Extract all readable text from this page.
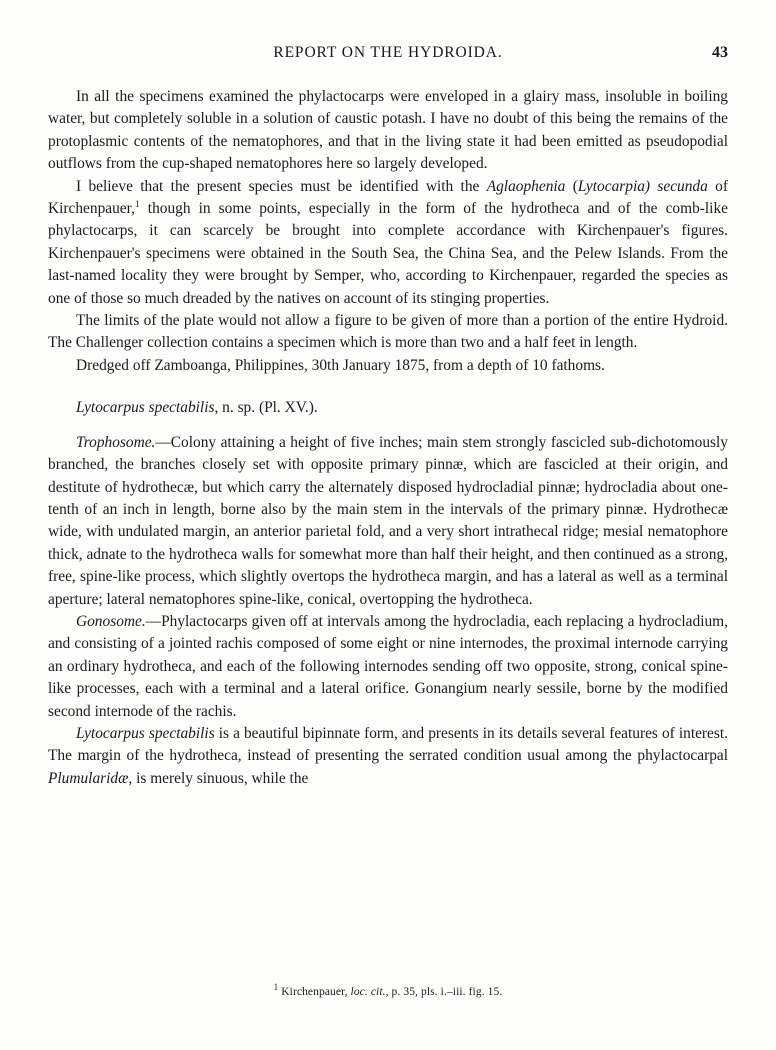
REPORT ON THE HYDROIDA.	43

In all the specimens examined the phylactocarps were enveloped in a glairy mass, insoluble in boiling water, but completely soluble in a solution of caustic potash. I have no doubt of this being the remains of the protoplasmic contents of the nematophores, and that in the living state it had been emitted as pseudopodial outflows from the cup-shaped nematophores here so largely developed.

I believe that the present species must be identified with the Aglaophenia (Lytocarpia) secunda of Kirchenpauer,$^1$ though in some points, especially in the form of the hydrotheca and of the comb-like phylactocarps, it can scarcely be brought into complete accordance with Kirchenpauer's figures. Kirchenpauer's specimens were obtained in the South Sea, the China Sea, and the Pelew Islands. From the last-named locality they were brought by Semper, who, according to Kirchenpauer, regarded the species as one of those so much dreaded by the natives on account of its stinging properties.

The limits of the plate would not allow a figure to be given of more than a portion of the entire Hydroid. The Challenger collection contains a specimen which is more than two and a half feet in length.

Dredged off Zamboanga, Philippines, 30th January 1875, from a depth of 10 fathoms.

Lytocarpus spectabilis, n. sp. (Pl. XV.).

Trophosome.—Colony attaining a height of five inches; main stem strongly fascicled sub-dichotomously branched, the branches closely set with opposite primary pinnæ, which are fascicled at their origin, and destitute of hydrothecæ, but which carry the alternately disposed hydrocladial pinnæ; hydrocladia about one-tenth of an inch in length, borne also by the main stem in the intervals of the primary pinnæ. Hydrothecæ wide, with undulated margin, an anterior parietal fold, and a very short intrathecal ridge; mesial nematophore thick, adnate to the hydrotheca walls for somewhat more than half their height, and then continued as a strong, free, spine-like process, which slightly overtops the hydrotheca margin, and has a lateral as well as a terminal aperture; lateral nematophores spine-like, conical, overtopping the hydrotheca.

Gonosome.—Phylactocarps given off at intervals among the hydrocladia, each replacing a hydrocladium, and consisting of a jointed rachis composed of some eight or nine internodes, the proximal internode carrying an ordinary hydrotheca, and each of the following internodes sending off two opposite, strong, conical spine-like processes, each with a terminal and a lateral orifice. Gonangium nearly sessile, borne by the modified second internode of the rachis.

Lytocarpus spectabilis is a beautiful bipinnate form, and presents in its details several features of interest. The margin of the hydrotheca, instead of presenting the serrated condition usual among the phylactocarpal Plumularidæ, is merely sinuous, while the

$^1$ Kirchenpauer, loc. cit., p. 35, pls. i.–iii. fig. 15.
